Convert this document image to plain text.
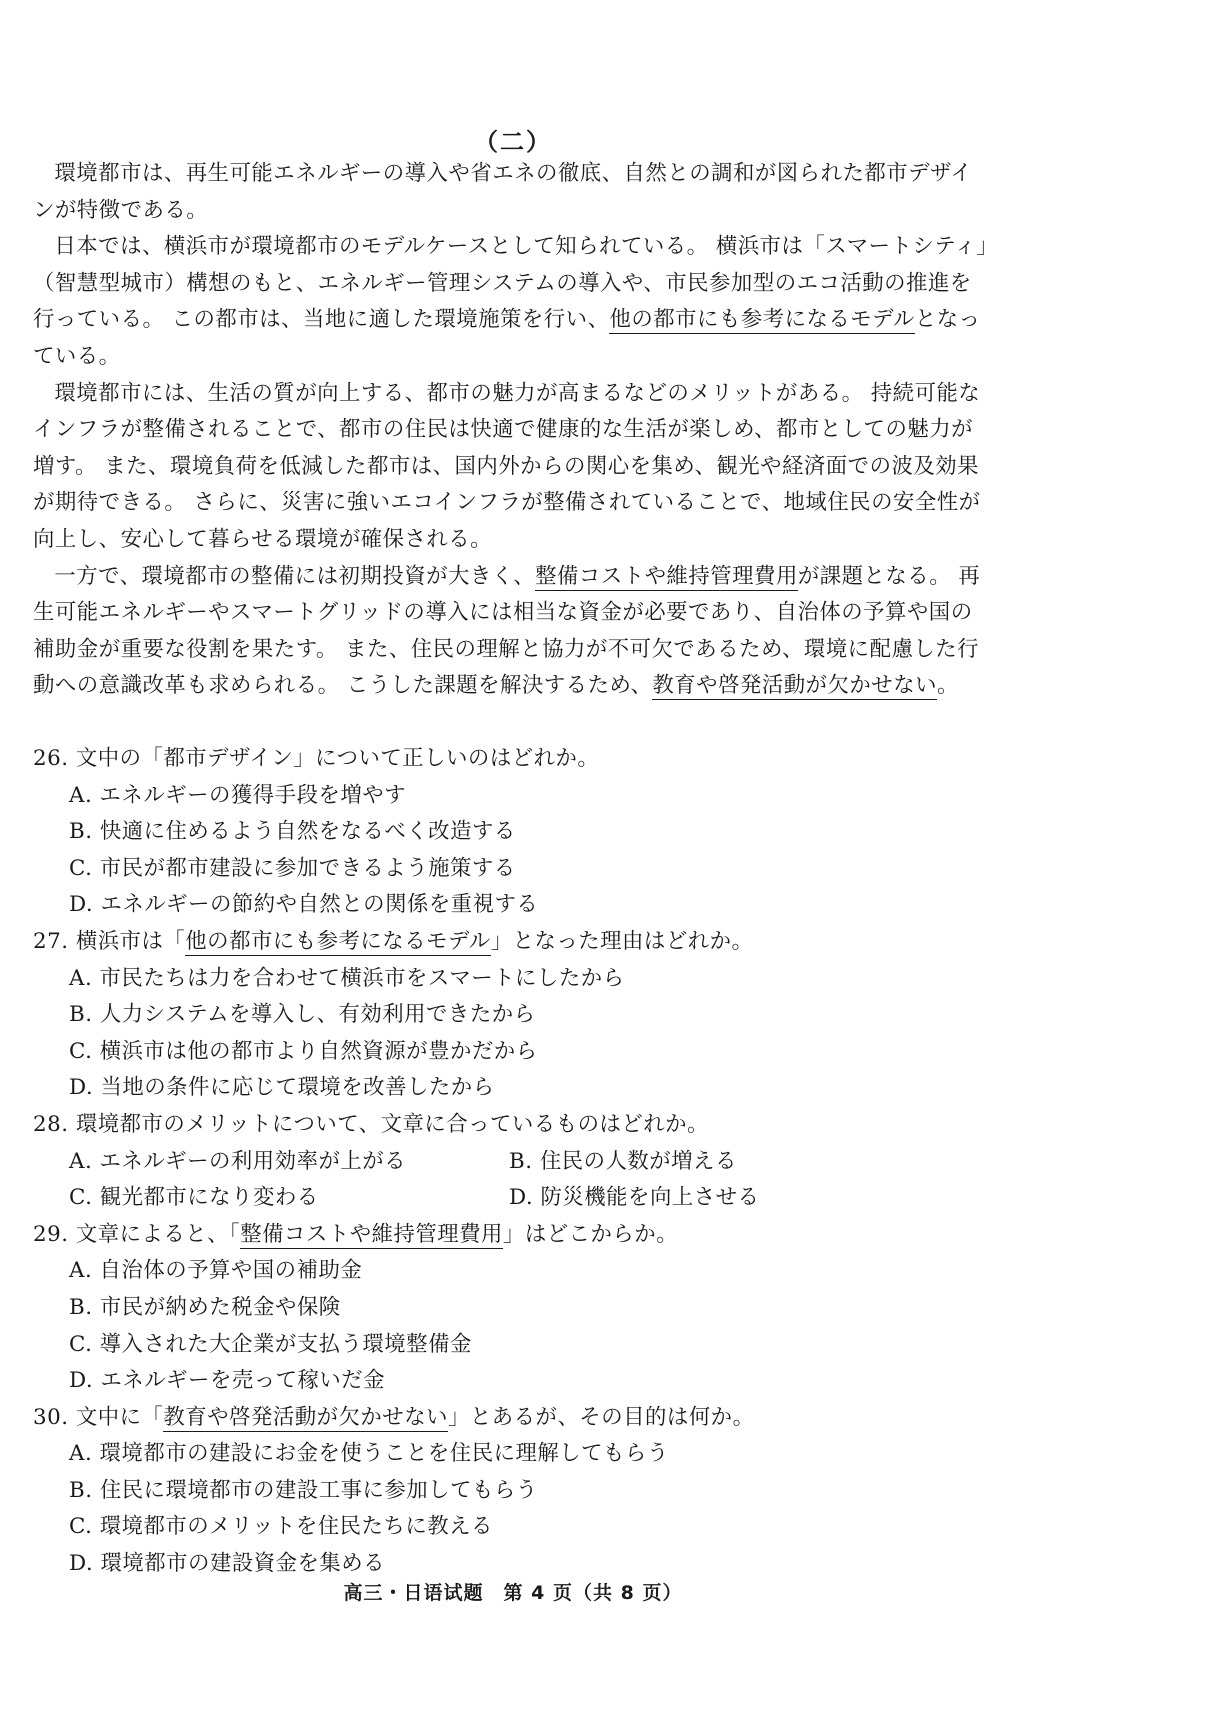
（二）

環境都市は、再生可能エネルギーの導入や省エネの徹底、自然との調和が図られた都市デザインが特徴である。

日本では、横浜市が環境都市のモデルケースとして知られている。 横浜市は「スマートシティ」（智慧型城市）構想のもと、エネルギー管理システムの導入や、市民参加型のエコ活動の推進を行っている。 この都市は、当地に適した環境施策を行い、他の都市にも参考になるモデルとなっている。

環境都市には、生活の質が向上する、都市の魅力が高まるなどのメリットがある。 持続可能なインフラが整備されることで、都市の住民は快適で健康的な生活が楽しめ、都市としての魅力が増す。 また、環境負荷を低減した都市は、国内外からの関心を集め、観光や経済面での波及効果が期待できる。 さらに、災害に強いエコインフラが整備されていることで、地域住民の安全性が向上し、安心して暮らせる環境が確保される。

一方で、環境都市の整備には初期投資が大きく、整備コストや維持管理費用が課題となる。 再生可能エネルギーやスマートグリッドの導入には相当な資金が必要であり、自治体の予算や国の補助金が重要な役割を果たす。 また、住民の理解と協力が不可欠であるため、環境に配慮した行動への意識改革も求められる。 こうした課題を解決するため、教育や啓発活動が欠かせない。

26. 文中の「都市デザイン」について正しいのはどれか。

A. エネルギーの獲得手段を増やす

B. 快適に住めるよう自然をなるべく改造する

C. 市民が都市建設に参加できるよう施策する

D. エネルギーの節約や自然との関係を重視する

27. 横浜市は「他の都市にも参考になるモデル」となった理由はどれか。

A. 市民たちは力を合わせて横浜市をスマートにしたから

B. 人力システムを導入し、有効利用できたから

C. 横浜市は他の都市より自然資源が豊かだから

D. 当地の条件に応じて環境を改善したから

28. 環境都市のメリットについて、文章に合っているものはどれか。

A. エネルギーの利用効率が上がる	B. 住民の人数が増える
C. 観光都市になり変わる	D. 防災機能を向上させる

29. 文章によると、「整備コストや維持管理費用」はどこからか。

A. 自治体の予算や国の補助金

B. 市民が納めた税金や保険

C. 導入された大企業が支払う環境整備金

D. エネルギーを売って稼いだ金

30. 文中に「教育や啓発活動が欠かせない」とあるが、その目的は何か。

A. 環境都市の建設にお金を使うことを住民に理解してもらう

B. 住民に環境都市の建設工事に参加してもらう

C. 環境都市のメリットを住民たちに教える

D. 環境都市の建設資金を集める

高三・日语试题　第 4 页（共 8 页）
